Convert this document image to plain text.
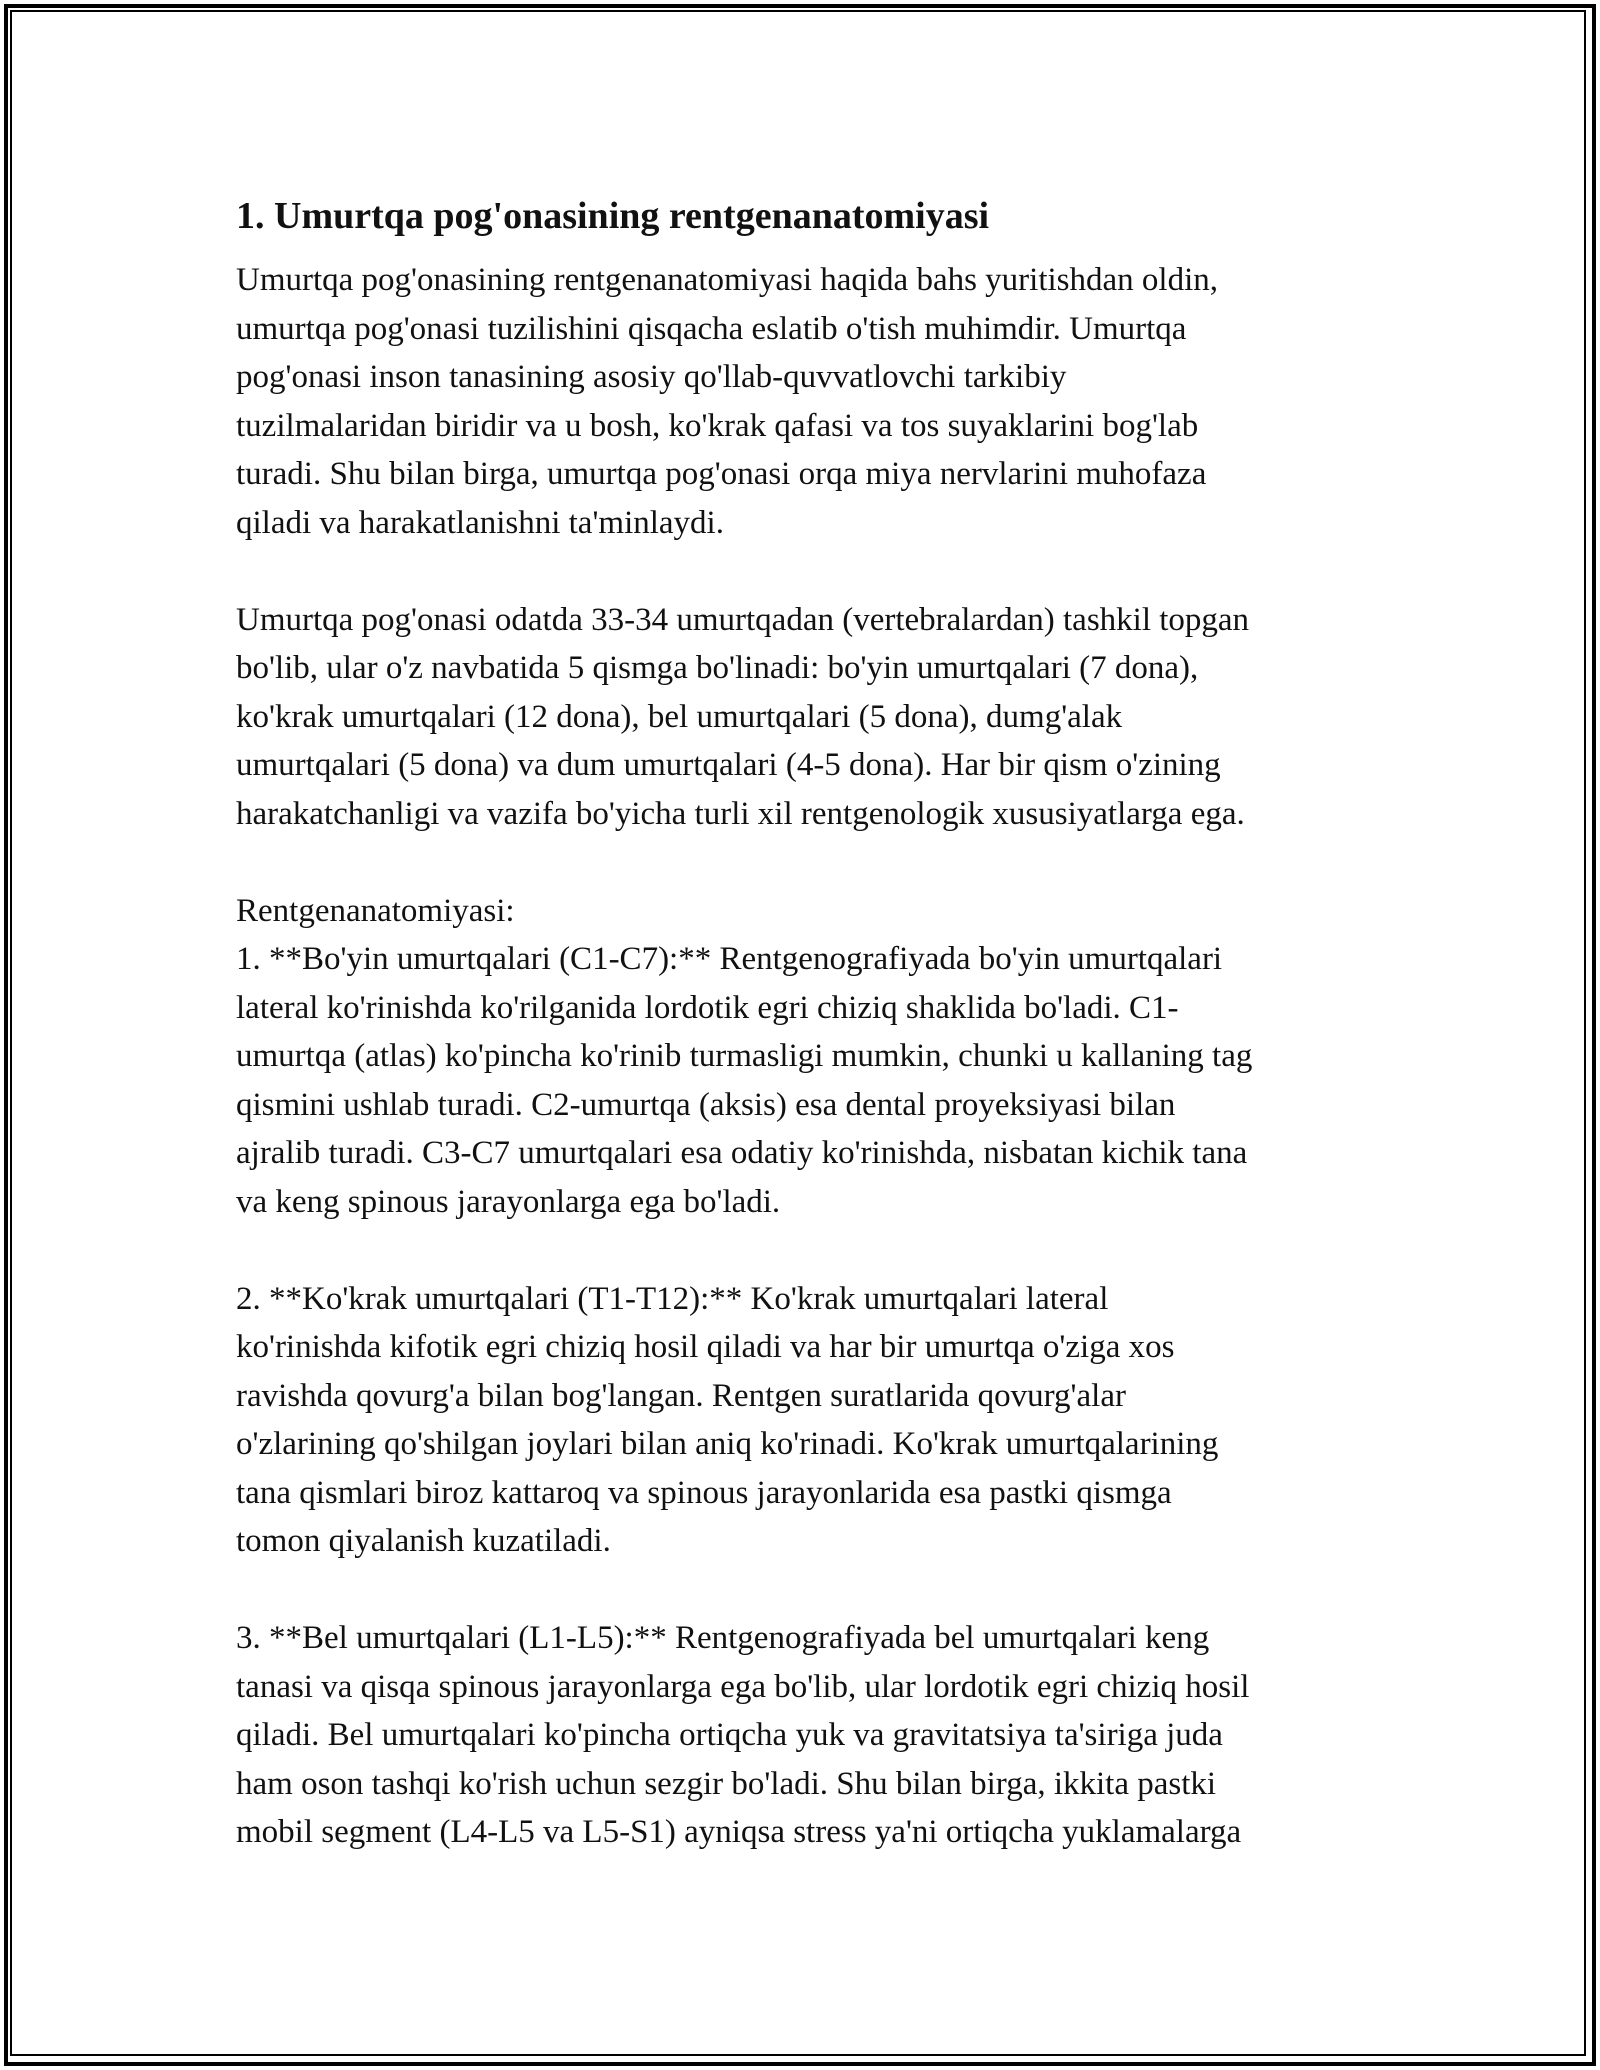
1. Umurtqa pog'onasining rentgenanatomiyasi

Umurtqa pog'onasining rentgenanatomiyasi haqida bahs yuritishdan oldin,
umurtqa pog'onasi tuzilishini qisqacha eslatib o'tish muhimdir. Umurtqa
pog'onasi inson tanasining asosiy qo'llab-quvvatlovchi tarkibiy
tuzilmalaridan biridir va u bosh, ko'krak qafasi va tos suyaklarini bog'lab
turadi. Shu bilan birga, umurtqa pog'onasi orqa miya nervlarini muhofaza
qiladi va harakatlanishni ta'minlaydi.

Umurtqa pog'onasi odatda 33-34 umurtqadan (vertebralardan) tashkil topgan
bo'lib, ular o'z navbatida 5 qismga bo'linadi: bo'yin umurtqalari (7 dona),
ko'krak umurtqalari (12 dona), bel umurtqalari (5 dona), dumg'alak
umurtqalari (5 dona) va dum umurtqalari (4-5 dona). Har bir qism o'zining
harakatchanligi va vazifa bo'yicha turli xil rentgenologik xususiyatlarga ega.

Rentgenanatomiyasi:
1. **Bo'yin umurtqalari (C1-C7):** Rentgenografiyada bo'yin umurtqalari
lateral ko'rinishda ko'rilganida lordotik egri chiziq shaklida bo'ladi. C1-
umurtqa (atlas) ko'pincha ko'rinib turmasligi mumkin, chunki u kallaning tag
qismini ushlab turadi. C2-umurtqa (aksis) esa dental proyeksiyasi bilan
ajralib turadi. C3-C7 umurtqalari esa odatiy ko'rinishda, nisbatan kichik tana
va keng spinous jarayonlarga ega bo'ladi.

2. **Ko'krak umurtqalari (T1-T12):** Ko'krak umurtqalari lateral
ko'rinishda kifotik egri chiziq hosil qiladi va har bir umurtqa o'ziga xos
ravishda qovurg'a bilan bog'langan. Rentgen suratlarida qovurg'alar
o'zlarining qo'shilgan joylari bilan aniq ko'rinadi. Ko'krak umurtqalarining
tana qismlari biroz kattaroq va spinous jarayonlarida esa pastki qismga
tomon qiyalanish kuzatiladi.

3. **Bel umurtqalari (L1-L5):** Rentgenografiyada bel umurtqalari keng
tanasi va qisqa spinous jarayonlarga ega bo'lib, ular lordotik egri chiziq hosil
qiladi. Bel umurtqalari ko'pincha ortiqcha yuk va gravitatsiya ta'siriga juda
ham oson tashqi ko'rish uchun sezgir bo'ladi. Shu bilan birga, ikkita pastki
mobil segment (L4-L5 va L5-S1) ayniqsa stress ya'ni ortiqcha yuklamalarga
